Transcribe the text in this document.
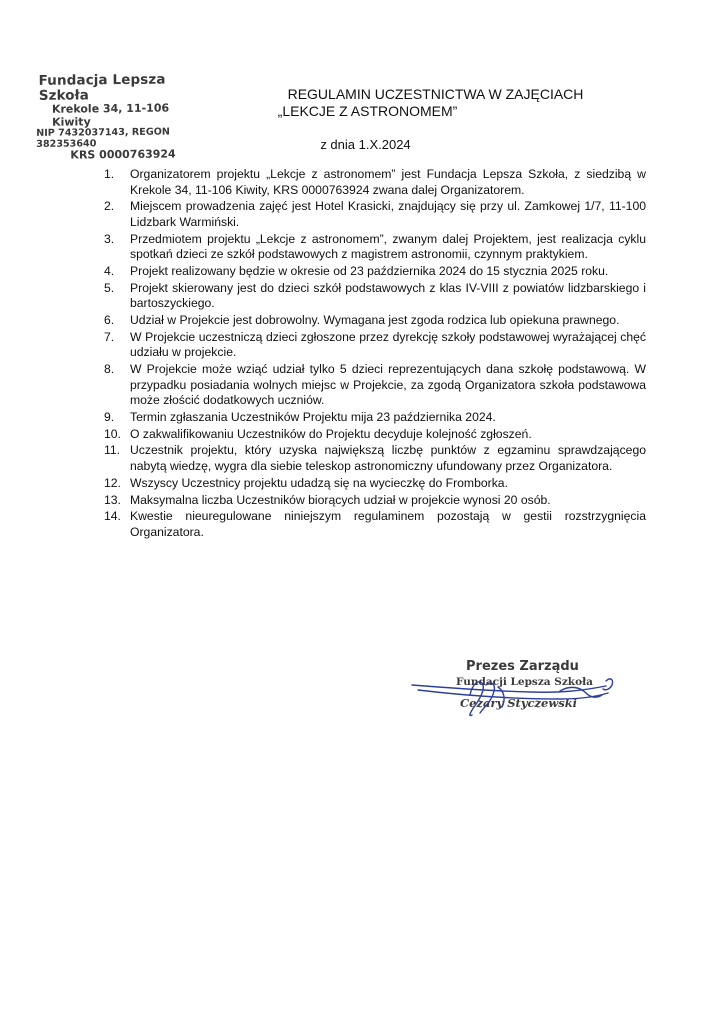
Fundacja Lepsza Szkoła
Krekole 34, 11-106 Kiwity
NIP 7432037143, REGON 382353640
KRS 0000763924
REGULAMIN UCZESTNICTWA W ZAJĘCIACH
„LEKCJE Z ASTRONOMEM”
z dnia 1.X.2024
1.	Organizatorem projektu „Lekcje z astronomem” jest Fundacja Lepsza Szkoła, z siedzibą w Krekole 34, 11-106 Kiwity, KRS 0000763924 zwana dalej Organizatorem.
2.	Miejscem prowadzenia zajęć jest Hotel Krasicki, znajdujący się przy ul. Zamkowej 1/7, 11-100 Lidzbark Warmiński.
3.	Przedmiotem projektu „Lekcje z astronomem”, zwanym dalej Projektem, jest realizacja cyklu spotkań dzieci ze szkół podstawowych z magistrem astronomii, czynnym praktykiem.
4.	Projekt realizowany będzie w okresie od 23 października 2024 do 15 stycznia 2025 roku.
5.	Projekt skierowany jest do dzieci szkół podstawowych z klas IV-VIII z powiatów lidzbarskiego i bartoszyckiego.
6.	Udział w Projekcie jest dobrowolny. Wymagana jest zgoda rodzica lub opiekuna prawnego.
7.	W Projekcie uczestniczą dzieci zgłoszone przez dyrekcję szkoły podstawowej wyrażającej chęć udziału w projekcie.
8.	W Projekcie może wziąć udział tylko 5 dzieci reprezentujących dana szkołę podstawową. W przypadku posiadania wolnych miejsc w Projekcie, za zgodą Organizatora szkoła podstawowa może złościć dodatkowych uczniów.
9.	Termin zgłaszania Uczestników Projektu mija 23 października 2024.
10. O zakwalifikowaniu Uczestników do Projektu decyduje kolejność zgłoszeń.
11. Uczestnik projektu, który uzyska największą liczbę punktów z egzaminu sprawdzającego nabytą wiedzę, wygra dla siebie teleskop astronomiczny ufundowany przez Organizatora.
12. Wszyscy Uczestnicy projektu udadzą się na wycieczkę do Fromborka.
13. Maksymalna liczba Uczestników biorących udział w projekcie wynosi 20 osób.
14. Kwestie nieuregulowane niniejszym regulaminem pozostają w gestii rozstrzygnięcia Organizatora.
Prezes Zarządu
Fundacji Lepsza Szkoła
Cezary Styczewski
